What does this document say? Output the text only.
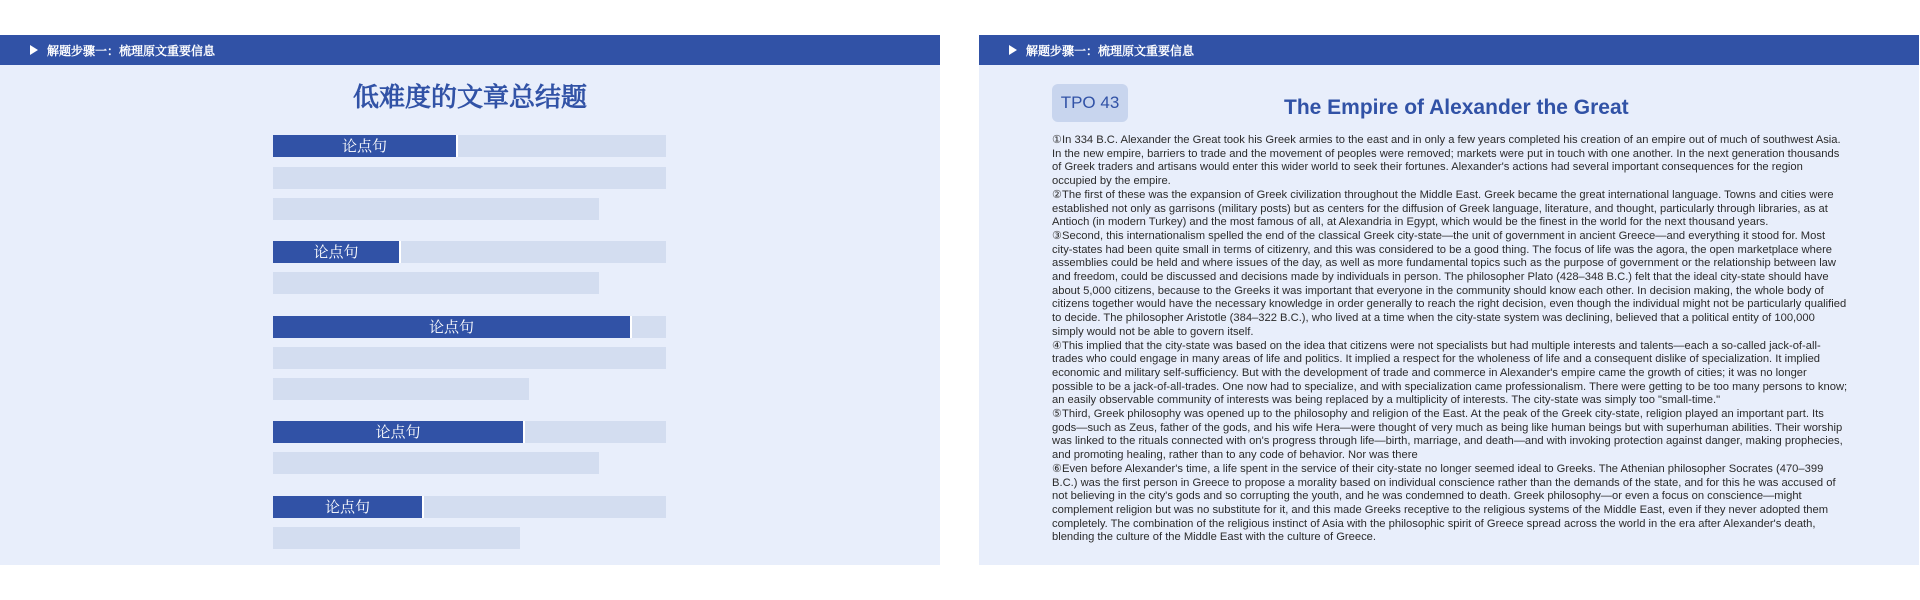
解题步骤一：梳理原文重要信息
低难度的文章总结题
论点句
论点句
论点句
论点句
论点句
解题步骤一：梳理原文重要信息
TPO 43	The Empire of Alexander the Great

①In 334 B.C. Alexander the Great took his Greek armies to the east and in only a few years completed his creation of an empire out of much of southwest Asia. In the new empire, barriers to trade and the movement of peoples were removed; markets were put in touch with one another. In the next generation thousands of Greek traders and artisans would enter this wider world to seek their fortunes. Alexander's actions had several important consequences for the region occupied by the empire.

②The first of these was the expansion of Greek civilization throughout the Middle East. Greek became the great international language. Towns and cities were established not only as garrisons (military posts) but as centers for the diffusion of Greek language, literature, and thought, particularly through libraries, as at Antioch (in modern Turkey) and the most famous of all, at Alexandria in Egypt, which would be the finest in the world for the next thousand years.

③Second, this internationalism spelled the end of the classical Greek city-state—the unit of government in ancient Greece—and everything it stood for. Most city-states had been quite small in terms of citizenry, and this was considered to be a good thing. The focus of life was the agora, the open marketplace where assemblies could be held and where issues of the day, as well as more fundamental topics such as the purpose of government or the relationship between law and freedom, could be discussed and decisions made by individuals in person. The philosopher Plato (428–348 B.C.) felt that the ideal city-state should have about 5,000 citizens, because to the Greeks it was important that everyone in the community should know each other. In decision making, the whole body of citizens together would have the necessary knowledge in order generally to reach the right decision, even though the individual might not be particularly qualified to decide. The philosopher Aristotle (384–322 B.C.), who lived at a time when the city-state system was declining, believed that a political entity of 100,000 simply would not be able to govern itself.

④This implied that the city-state was based on the idea that citizens were not specialists but had multiple interests and talents—each a so-called jack-of-all-trades who could engage in many areas of life and politics. It implied a respect for the wholeness of life and a consequent dislike of specialization. It implied economic and military self-sufficiency. But with the development of trade and commerce in Alexander's empire came the growth of cities; it was no longer possible to be a jack-of-all-trades. One now had to specialize, and with specialization came professionalism. There were getting to be too many persons to know; an easily observable community of interests was being replaced by a multiplicity of interests. The city-state was simply too "small-time."

⑤Third, Greek philosophy was opened up to the philosophy and religion of the East. At the peak of the Greek city-state, religion played an important part. Its gods—such as Zeus, father of the gods, and his wife Hera—were thought of very much as being like human beings but with superhuman abilities. Their worship was linked to the rituals connected with on's progress through life—birth, marriage, and death—and with invoking protection against danger, making prophecies, and promoting healing, rather than to any code of behavior. Nor was there

⑥Even before Alexander's time, a life spent in the service of their city-state no longer seemed ideal to Greeks. The Athenian philosopher Socrates (470–399 B.C.) was the first person in Greece to propose a morality based on individual conscience rather than the demands of the state, and for this he was accused of not believing in the city's gods and so corrupting the youth, and he was condemned to death. Greek philosophy—or even a focus on conscience—might complement religion but was no substitute for it, and this made Greeks receptive to the religious systems of the Middle East, even if they never adopted them completely. The combination of the religious instinct of Asia with the philosophic spirit of Greece spread across the world in the era after Alexander's death, blending the culture of the Middle East with the culture of Greece.
